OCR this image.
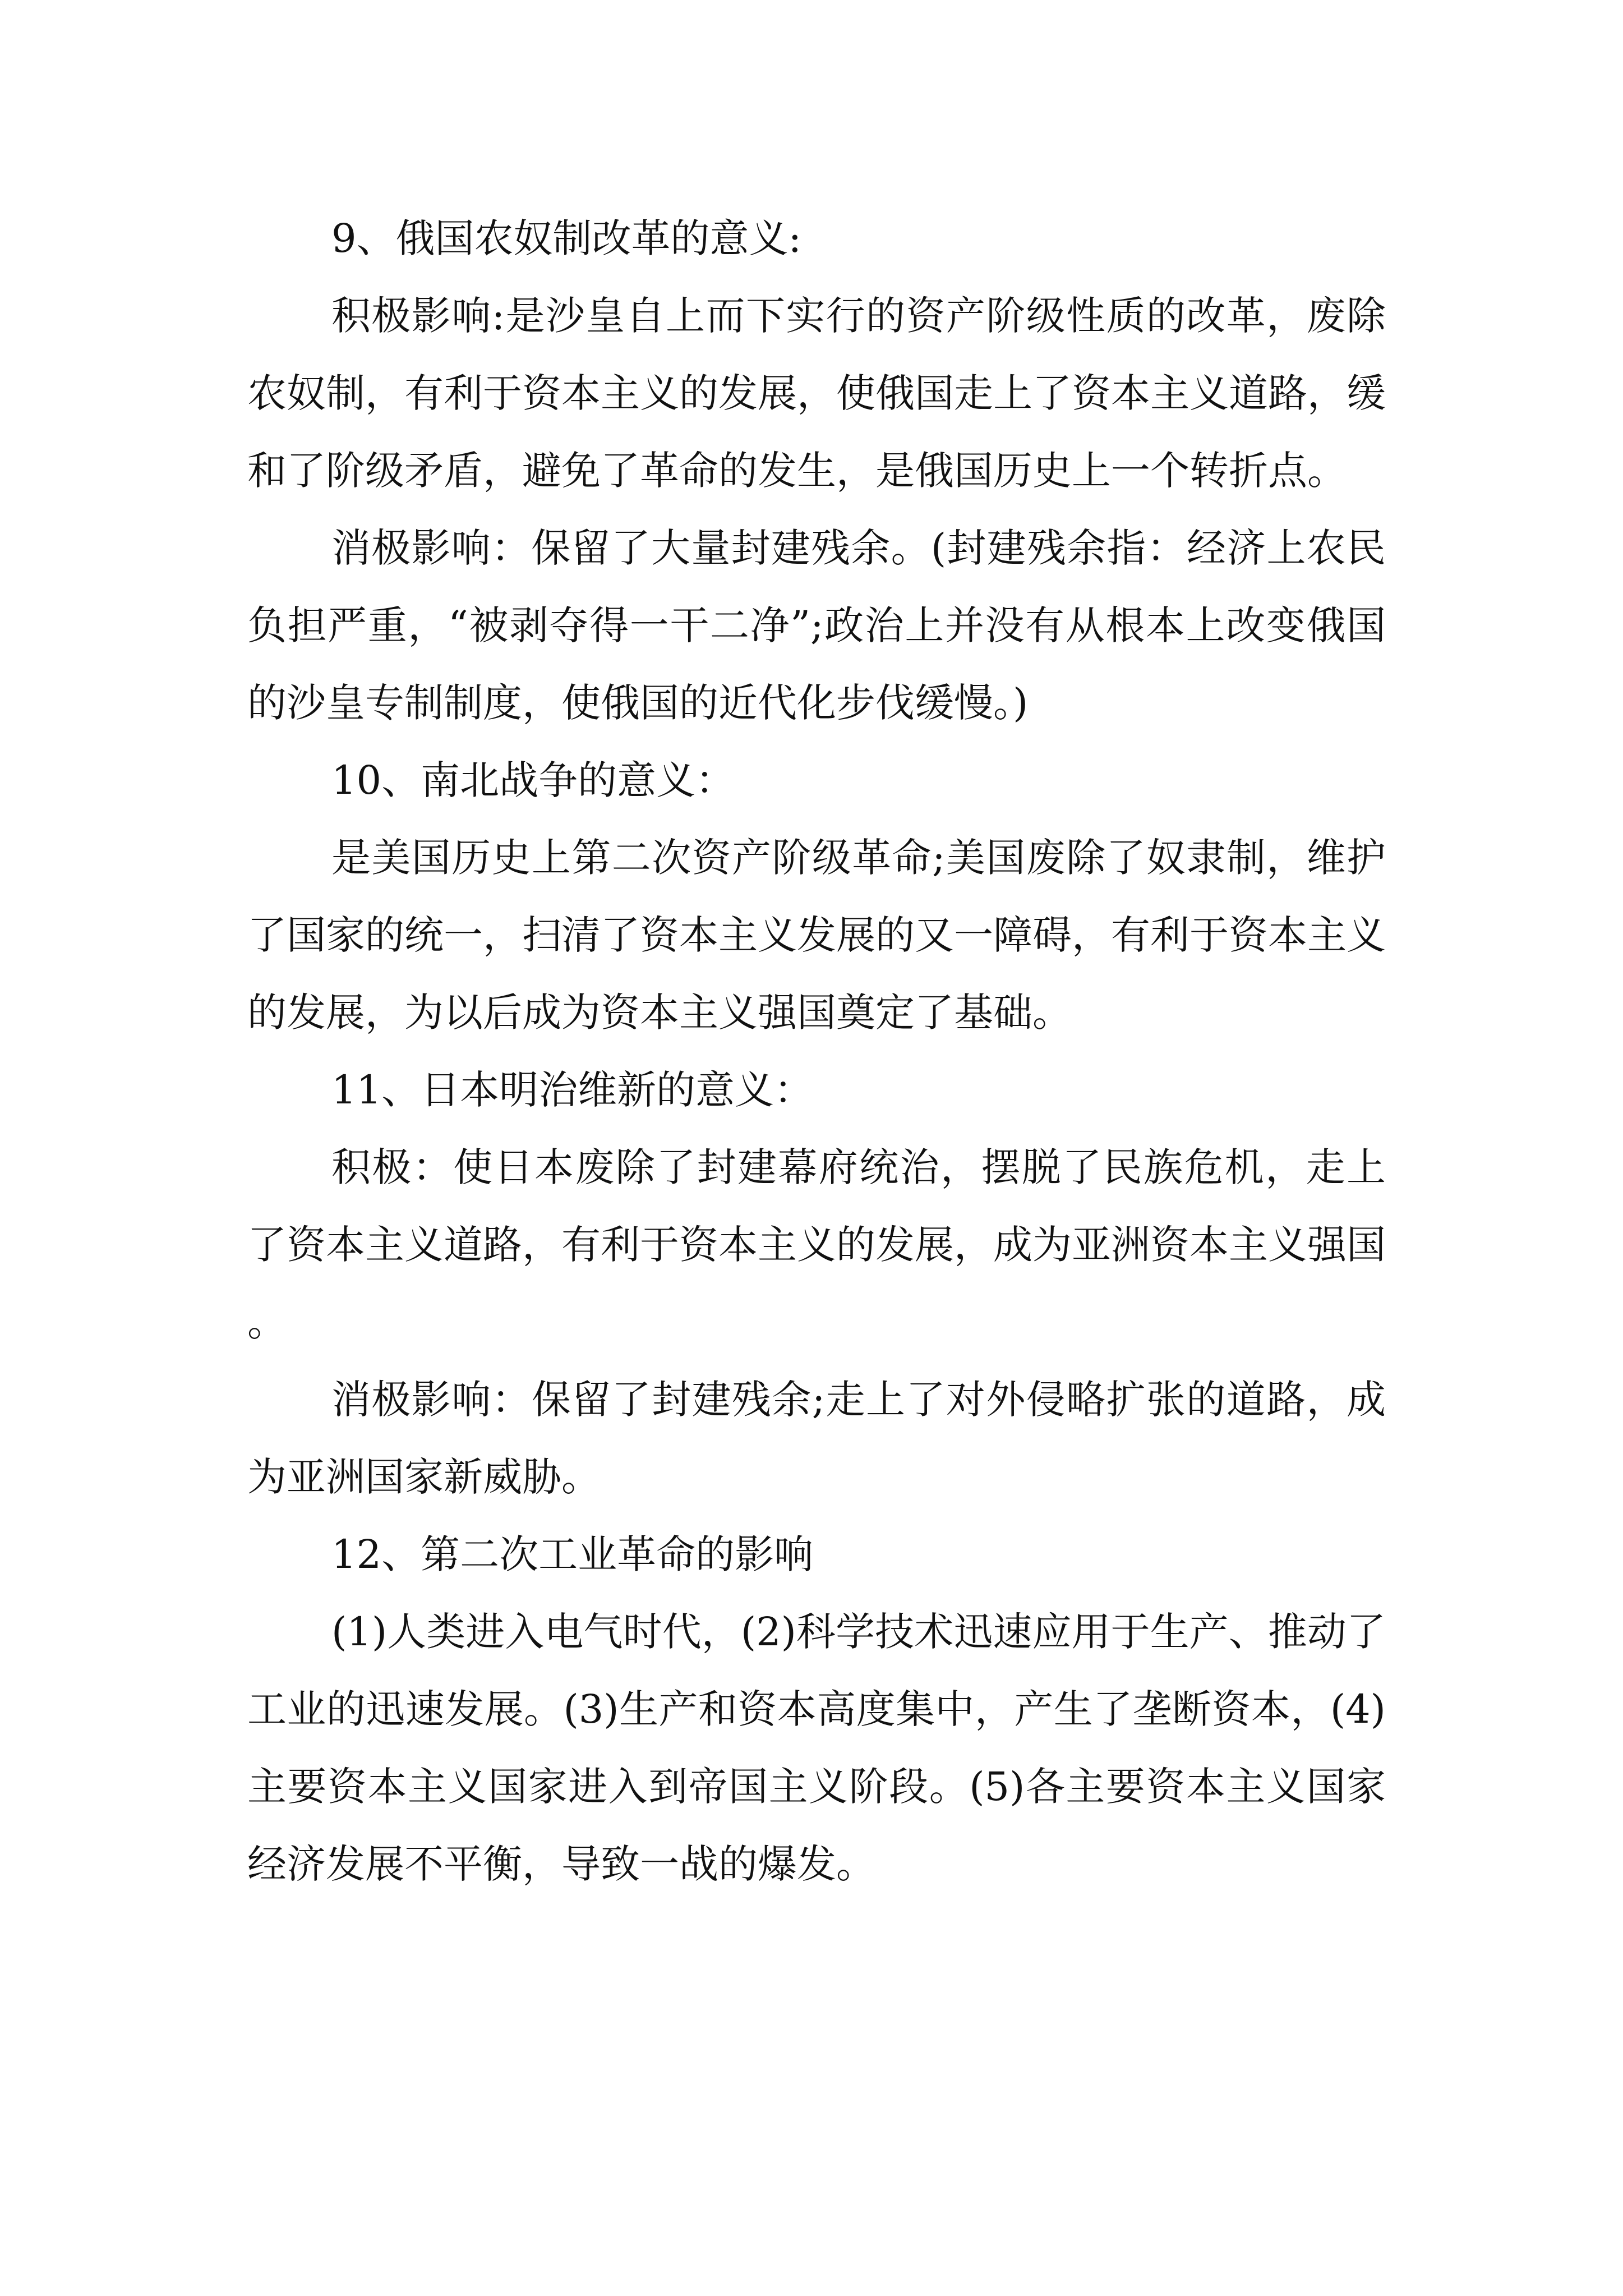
9、俄国农奴制改革的意义:

积极影响:是沙皇自上而下实行的资产阶级性质的改革，废除农奴制，有利于资本主义的发展，使俄国走上了资本主义道路，缓和了阶级矛盾，避免了革命的发生，是俄国历史上一个转折点。

消极影响：保留了大量封建残余。(封建残余指：经济上农民负担严重，“被剥夺得一干二净”;政治上并没有从根本上改变俄国的沙皇专制制度，使俄国的近代化步伐缓慢。)

10、南北战争的意义：

是美国历史上第二次资产阶级革命;美国废除了奴隶制，维护了国家的统一，扫清了资本主义发展的又一障碍，有利于资本主义的发展，为以后成为资本主义强国奠定了基础。

11、日本明治维新的意义：

积极：使日本废除了封建幕府统治，摆脱了民族危机，走上了资本主义道路，有利于资本主义的发展，成为亚洲资本主义强国。

消极影响：保留了封建残余;走上了对外侵略扩张的道路，成为亚洲国家新威胁。

12、第二次工业革命的影响

(1)人类进入电气时代，(2)科学技术迅速应用于生产、推动了工业的迅速发展。(3)生产和资本高度集中，产生了垄断资本，(4)主要资本主义国家进入到帝国主义阶段。(5)各主要资本主义国家经济发展不平衡，导致一战的爆发。
